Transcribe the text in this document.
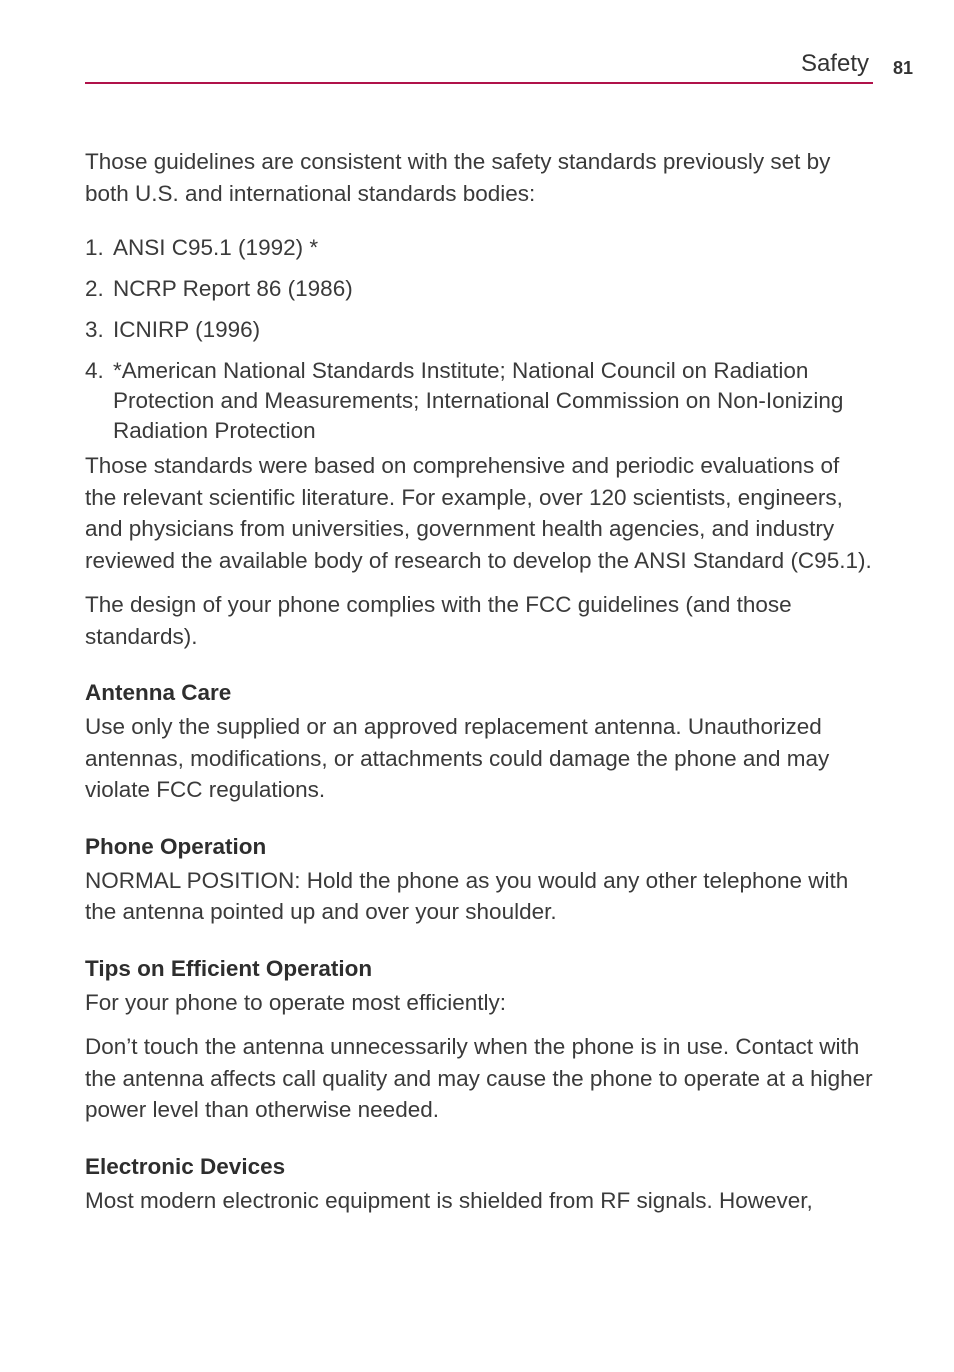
Safety 81

Those guidelines are consistent with the safety standards previously set by both U.S. and international standards bodies:

1. ANSI C95.1 (1992) *
2. NCRP Report 86 (1986)
3. ICNIRP (1996)
4. *American National Standards Institute; National Council on Radiation Protection and Measurements; International Commission on Non-Ionizing Radiation Protection

Those standards were based on comprehensive and periodic evaluations of the relevant scientific literature. For example, over 120 scientists, engineers, and physicians from universities, government health agencies, and industry reviewed the available body of research to develop the ANSI Standard (C95.1).

The design of your phone complies with the FCC guidelines (and those standards).

Antenna Care

Use only the supplied or an approved replacement antenna. Unauthorized antennas, modifications, or attachments could damage the phone and may violate FCC regulations.

Phone Operation

NORMAL POSITION: Hold the phone as you would any other telephone with the antenna pointed up and over your shoulder.

Tips on Efficient Operation

For your phone to operate most efficiently:

Don’t touch the antenna unnecessarily when the phone is in use. Contact with the antenna affects call quality and may cause the phone to operate at a higher power level than otherwise needed.

Electronic Devices

Most modern electronic equipment is shielded from RF signals. However,
